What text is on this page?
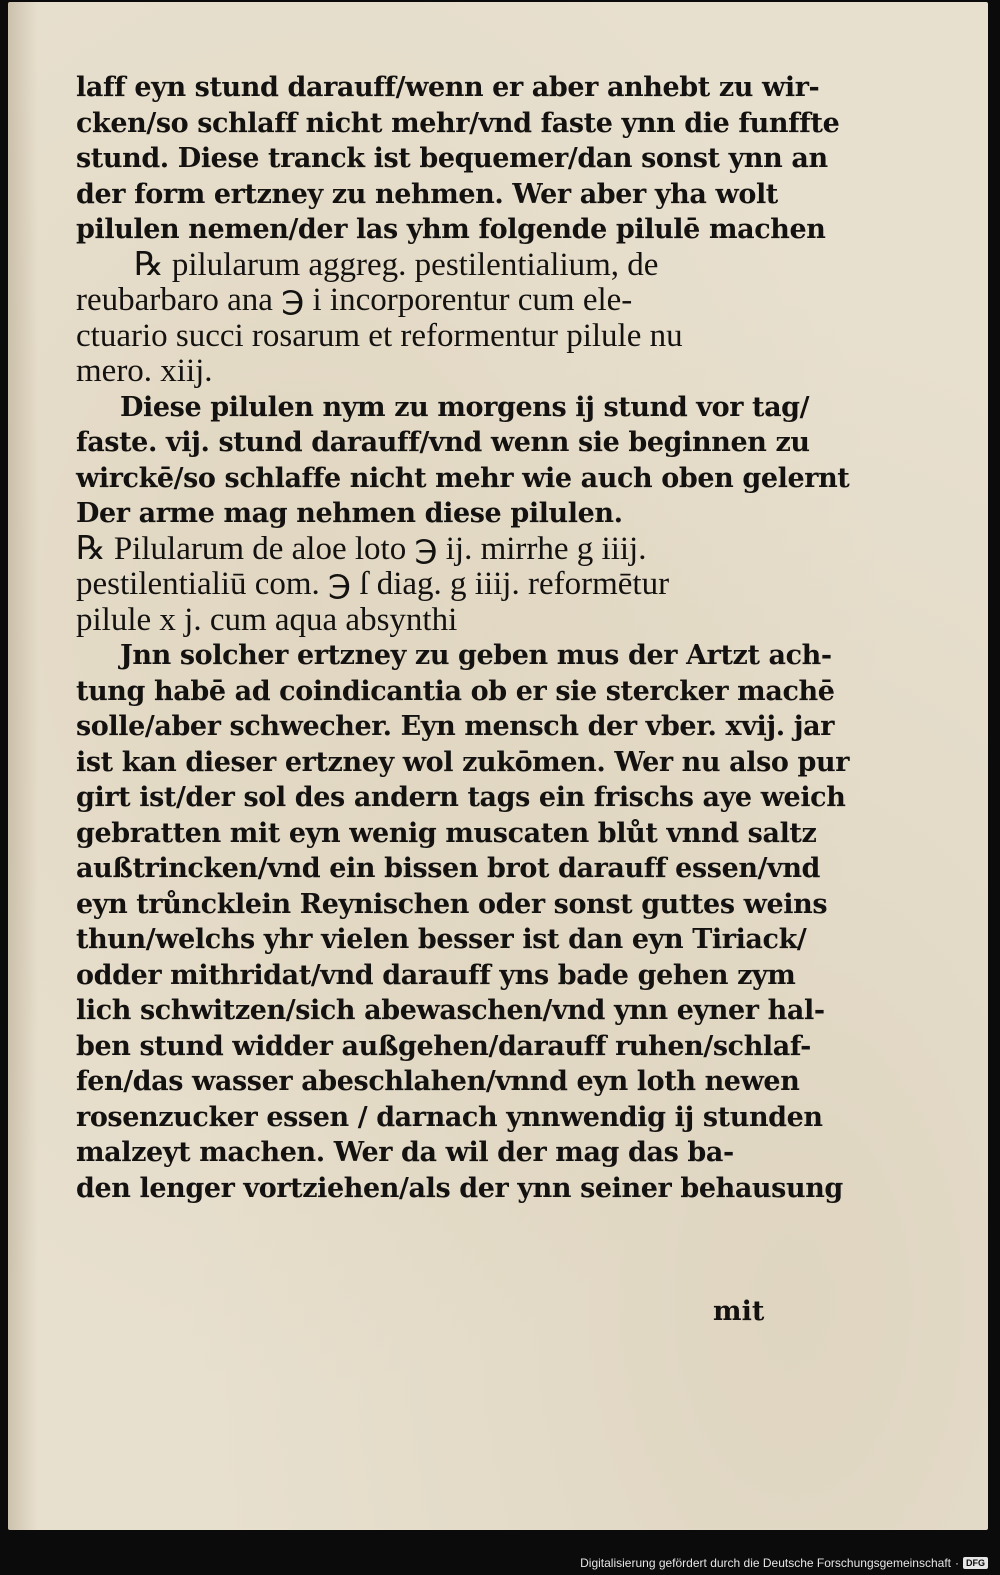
laff eyn stund darauff/wenn er aber anhebt zu wir-
cken/so schlaff nicht mehr/vnd faste ynn die funffte
stund. Diese tranck ist bequemer/dan sonst ynn an
der form ertzney zu nehmen. Wer aber yha wolt
pilulen nemen/der las yhm folgende pilulē machen
℞ pilularum aggreg. pestilentialium, de
reubarbaro ana ℈ i incorporentur cum ele-
ctuario succi rosarum et reformentur pilule nu
mero. xiij.
Diese pilulen nym zu morgens ij stund vor tag/
faste. vij. stund darauff/vnd wenn sie beginnen zu
wirckē/so schlaffe nicht mehr wie auch oben gelernt
Der arme mag nehmen diese pilulen.
℞ Pilularum de aloe loto ℈ ij. mirrhe g iiij.
pestilentialiū com. ℈ ſ diag. g iiij. reformētur
pilule x j. cum aqua absynthi
Jnn solcher ertzney zu geben mus der Artzt ach-
tung habē ad coindicantia ob er sie stercker machē
solle/aber schwecher. Eyn mensch der vber. xvij. jar
ist kan dieser ertzney wol zukōmen. Wer nu also pur
girt ist/der sol des andern tags ein frischs aye weich
gebratten mit eyn wenig muscaten blůt vnnd saltz
außtrincken/vnd ein bissen brot darauff essen/vnd
eyn trůncklein Reynischen oder sonst guttes weins
thun/welchs yhr vielen besser ist dan eyn Tiriack/
odder mithridat/vnd darauff yns bade gehen zym
lich schwitzen/sich abewaschen/vnd ynn eyner hal-
ben stund widder außgehen/darauff ruhen/schlaf-
fen/das wasser abeschlahen/vnnd eyn loth newen
rosenzucker essen / darnach ynnwendig ij stunden
malzeyt machen. Wer da wil der mag das ba-
den lenger vortziehen/als der ynn seiner behausung
mit
Digitalisierung gefördert durch die Deutsche Forschungsgemeinschaft · DFG
